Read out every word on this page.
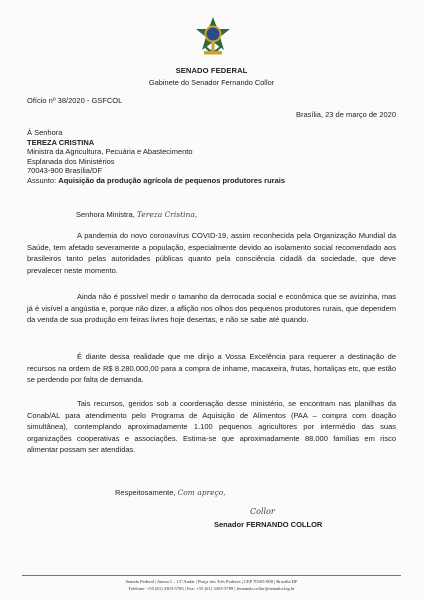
SENADO FEDERAL
Gabinete do Senador Fernando Collor
Ofício nº 38/2020 - GSFCOL
Brasília, 23 de março de 2020
À Senhora
TEREZA CRISTINA
Ministra da Agricultura, Pecuária e Abastecimento
Esplanada dos Ministérios
70043-900 Brasília/DF
Assunto: Aquisição da produção agrícola de pequenos produtores rurais
Senhora Ministra, Tereza Cristina,
A pandemia do novo coronavírus COVID-19, assim reconhecida pela Organização Mundial da Saúde, tem afetado severamente a população, especialmente devido ao isolamento social recomendado aos brasileiros tanto pelas autoridades públicas quanto pela consciência cidadã da sociedade, que deve prevalecer neste momento.
Ainda não é possível medir o tamanho da derrocada social e econômica que se avizinha, mas já é visível a angústia e, porque não dizer, a aflição nos olhos dos pequenos produtores rurais, que dependem da venda de sua produção em feiras livres hoje desertas, e não se sabe até quando.
É diante dessa realidade que me dirijo a Vossa Excelência para requerer a destinação de recursos na ordem de R$ 8.280.000,00 para a compra de inhame, macaxeira, frutas, hortaliças etc, que estão se perdendo por falta de demanda.
Tais recursos, geridos sob a coordenação desse ministério, se encontram nas planilhas da Conab/AL para atendimento pelo Programa de Aquisição de Alimentos (PAA – compra com doação simultânea), contemplando aproximadamente 1.100 pequenos agricultores por intermédio das suas organizações cooperativas e associações. Estima-se que aproximadamente 88.000 famílias em risco alimentar possam ser atendidas.
Respeitosamente, Com apreço,
Collor
Senador FERNANDO COLLOR
Senado Federal | Anexo I – 13º Andar | Praça dos Três Poderes | CEP 70165-900 | Brasília DF
Telefone: +55 (61) 3303-5783 | Fax: +55 (61) 3303-5789 | fernando.collor@senador.leg.br
